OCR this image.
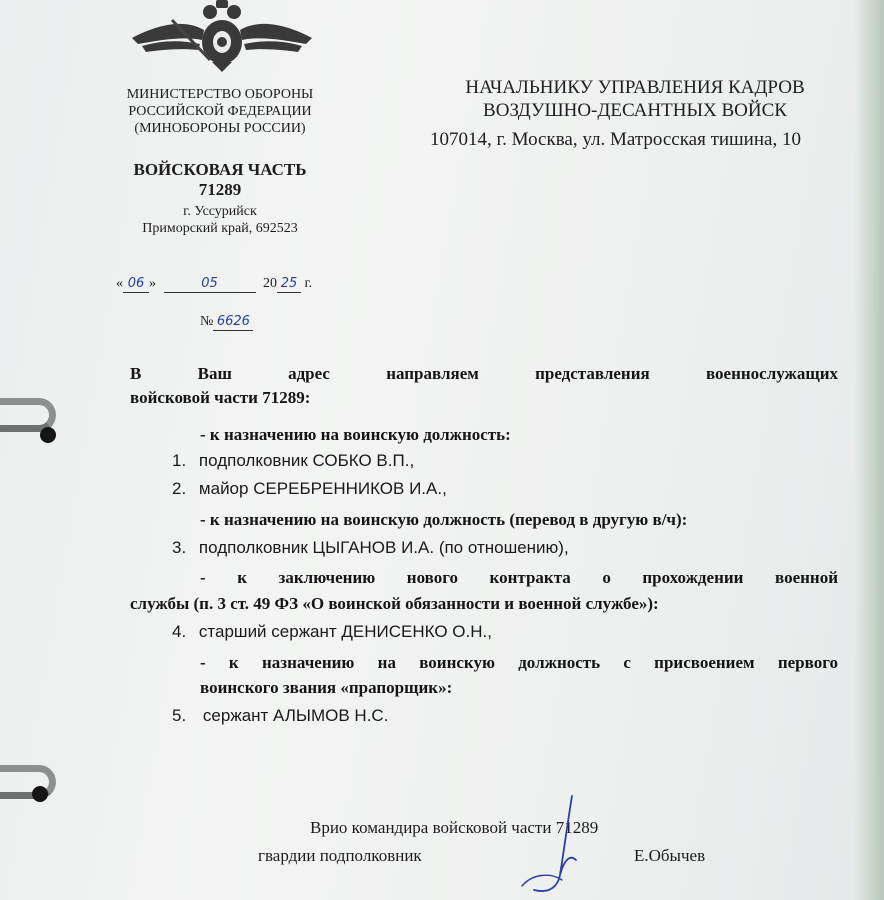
МИНИСТЕРСТВО ОБОРОНЫ
РОССИЙСКОЙ ФЕДЕРАЦИИ
(МИНОБОРОНЫ РОССИИ)
ВОЙСКОВАЯ ЧАСТЬ
71289
г. Уссурийск
Приморский край, 692523
« 06 »	05	20 25 г.
№ 6626
НАЧАЛЬНИКУ УПРАВЛЕНИЯ КАДРОВ
ВОЗДУШНО-ДЕСАНТНЫХ ВОЙСК
107014, г. Москва, ул. Матросская тишина, 10
В Ваш адрес направляем представления военнослужащих
войсковой части 71289:
- к назначению на воинскую должность:
1. подполковник СОБКО В.П.,
2. майор СЕРЕБРЕННИКОВ И.А.,
- к назначению на воинскую должность (перевод в другую в/ч):
3. подполковник ЦЫГАНОВ И.А. (по отношению),
- к заключению нового контракта о прохождении военной
службы (п. 3 ст. 49 ФЗ «О воинской обязанности и военной службе»):
4. старший сержант ДЕНИСЕНКО О.Н.,
- к назначению на воинскую должность с присвоением первого
воинского звания «прапорщик»:
5. сержант АЛЫМОВ Н.С.
Врио командира войсковой части 71289
гвардии подполковник	Е.Обычев
